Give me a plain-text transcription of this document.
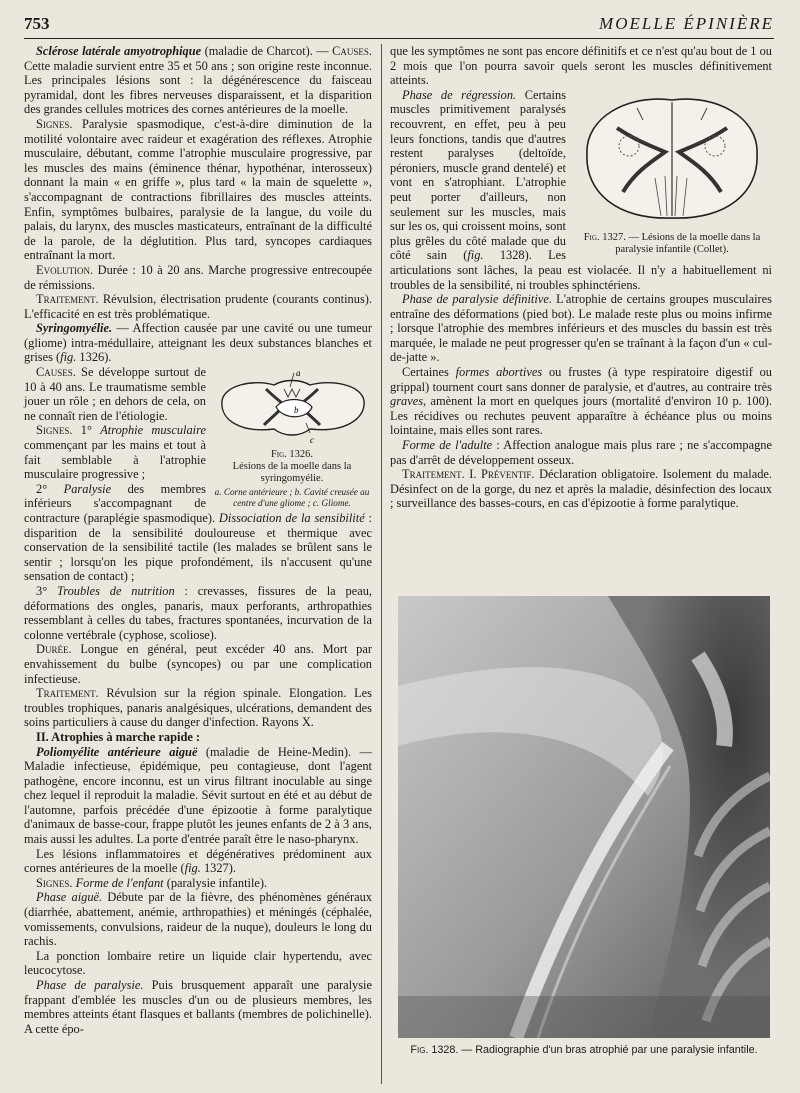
753	MOELLE ÉPINIÈRE

Sclérose latérale amyotrophique (maladie de Charcot). — Causes. Cette maladie survient entre 35 et 50 ans ; son origine reste inconnue. Les principales lésions sont : la dégénérescence du faisceau pyramidal, dont les fibres nerveuses disparaissent, et la disparition des grandes cellules motrices des cornes antérieures de la moelle.

Signes. Paralysie spasmodique, c'est-à-dire diminution de la motilité volontaire avec raideur et exagération des réflexes. Atrophie musculaire, débutant, comme l'atrophie musculaire progressive, par les muscles des mains (éminence thénar, hypothénar, interosseux) donnant la main « en griffe », plus tard « la main de squelette », s'accompagnant de contractions fibrillaires des muscles atteints. Enfin, symptômes bulbaires, paralysie de la langue, du voile du palais, du larynx, des muscles masticateurs, entraînant de la difficulté de la parole, de la déglutition. Plus tard, syncopes cardiaques entraînant la mort.

Evolution. Durée : 10 à 20 ans. Marche progressive entrecoupée de rémissions.

Traitement. Révulsion, électrisation prudente (courants continus). L'efficacité en est très problématique.

Syringomyélie. — Affection causée par une cavité ou une tumeur (gliome) intra-médullaire, atteignant les deux substances blanches et grises (fig. 1326).

a
b
c
Fig. 1326.
Lésions de la moelle dans la syringomyélie.
a. Corne antérieure ; b. Cavité creusée au centre d'une gliome ; c. Gliome.

Causes. Se développe surtout de 10 à 40 ans. Le traumatisme semble jouer un rôle ; en dehors de cela, on ne connaît rien de l'étiologie.

Signes. 1° Atrophie musculaire commençant par les mains et tout à fait semblable à l'atrophie musculaire progressive ;

2° Paralysie des membres inférieurs s'accompagnant de contracture (paraplégie spasmodique). Dissociation de la sensibilité : disparition de la sensibilité douloureuse et thermique avec conservation de la sensibilité tactile (les malades se brûlent sans le sentir ; lorsqu'on les pique profondément, ils n'accusent qu'une sensation de contact) ;

3° Troubles de nutrition : crevasses, fissures de la peau, déformations des ongles, panaris, maux perforants, arthropathies ressemblant à celles du tabes, fractures spontanées, incurvation de la colonne vertébrale (cyphose, scoliose).

Durée. Longue en général, peut excéder 40 ans. Mort par envahissement du bulbe (syncopes) ou par une complication infectieuse.

Traitement. Révulsion sur la région spinale. Elongation. Les troubles trophiques, panaris analgésiques, ulcérations, demandent des soins particuliers à cause du danger d'infection. Rayons X.

II. Atrophies à marche rapide :

Poliomyélite antérieure aiguë (maladie de Heine-Medin). — Maladie infectieuse, épidémique, peu contagieuse, dont l'agent pathogène, encore inconnu, est un virus filtrant inoculable au singe chez lequel il reproduit la maladie. Sévit surtout en été et au début de l'automne, parfois précédée d'une épizootie à forme paralytique d'animaux de basse-cour, frappe plutôt les jeunes enfants de 2 à 3 ans, mais aussi les adultes. La porte d'entrée paraît être le naso-pharynx.

Les lésions inflammatoires et dégénératives prédominent aux cornes antérieures de la moelle (fig. 1327).

Signes. Forme de l'enfant (paralysie infantile).

Phase aiguë. Débute par de la fièvre, des phénomènes généraux (diarrhée, abattement, anémie, arthropathies) et méningés (céphalée, vomissements, convulsions, raideur de la nuque), douleurs le long du rachis.

La ponction lombaire retire un liquide clair hypertendu, avec leucocytose.

Phase de paralysie. Puis brusquement apparaît une paralysie frappant d'emblée les muscles d'un ou de plusieurs membres, les membres atteints étant flasques et ballants (membres de polichinelle). A cette épo-

que les symptômes ne sont pas encore définitifs et ce n'est qu'au bout de 1 ou 2 mois que l'on pourra savoir quels seront les muscles définitivement atteints.

Fig. 1327. — Lésions de la moelle dans la paralysie infantile (Collet).

Phase de régression. Certains muscles primitivement paralysés recouvrent, en effet, peu à peu leurs fonctions, tandis que d'autres restent paralyses (deltoïde, péroniers, muscle grand dentelé) et vont en s'atrophiant. L'atrophie peut porter d'ailleurs, non seulement sur les muscles, mais sur les os, qui croissent moins, sont plus grêles du côté malade que du côté sain (fig. 1328). Les articulations sont lâches, la peau est violacée. Il n'y a habituellement ni troubles de la sensibilité, ni troubles sphinctériens.

Phase de paralysie définitive. L'atrophie de certains groupes musculaires entraîne des déformations (pied bot). Le malade reste plus ou moins infirme ; lorsque l'atrophie des membres inférieurs et des muscles du bassin est très marquée, le malade ne peut progresser qu'en se traînant à la façon d'un « cul-de-jatte ».

Certaines formes abortives ou frustes (à type respiratoire digestif ou grippal) tournent court sans donner de paralysie, et d'autres, au contraire très graves, amènent la mort en quelques jours (mortalité d'environ 10 p. 100). Les récidives ou rechutes peuvent apparaître à échéance plus ou moins lointaine, mais elles sont rares.

Forme de l'adulte : Affection analogue mais plus rare ; ne s'accompagne pas d'arrêt de développement osseux.

Traitement. I. Préventif. Déclaration obligatoire. Isolement du malade. Désinfect on de la gorge, du nez et après la maladie, désinfection des locaux ; surveillance des basses-cours, en cas d'épizootie à forme paralytique.

Fig. 1328. — Radiographie d'un bras atrophié par une paralysie infantile.
